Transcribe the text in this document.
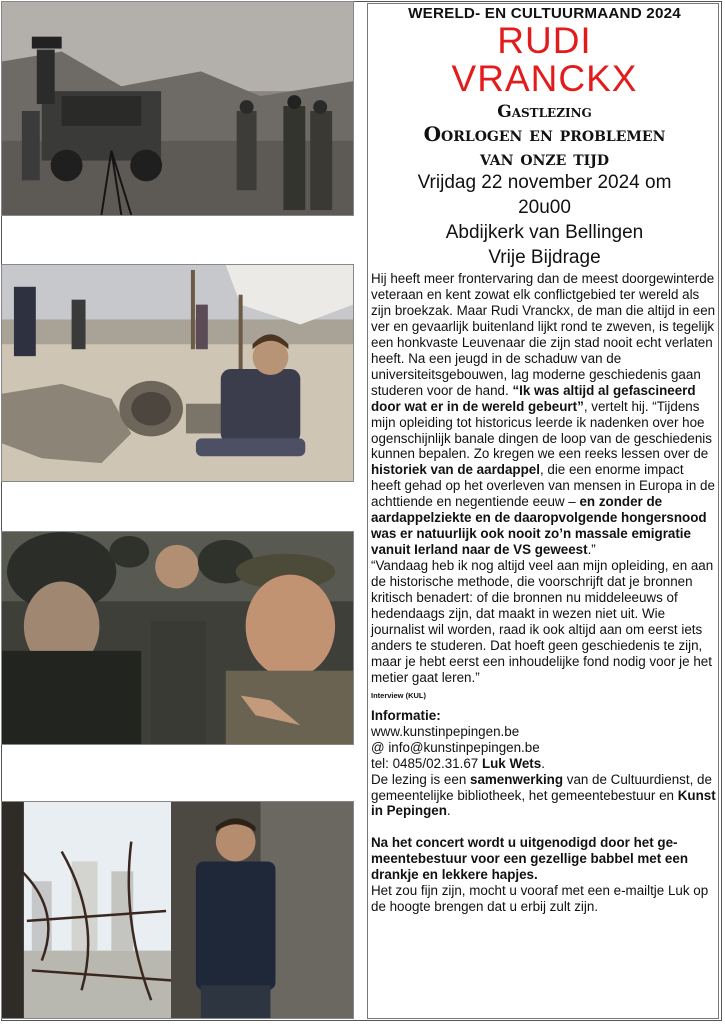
WERELD- EN CULTUURMAAND 2024
RUDI
VRANCKX
Gastlezing
Oorlogen en problemen
van onze tijd
Vrijdag 22 november 2024 om
20u00
Abdijkerk van Bellingen
Vrije Bijdrage

Hij heeft meer frontervaring dan de meest doorgewinterde veteraan en kent zowat elk conflictgebied ter wereld als zijn broekzak. Maar Rudi Vranckx, de man die altijd in een ver en gevaarlijk buitenland lijkt rond te zweven, is tegelijk een honkvaste Leuvenaar die zijn stad nooit echt verlaten heeft. Na een jeugd in de schaduw van de universiteitsgebouwen, lag moderne geschiedenis gaan studeren voor de hand. “Ik was altijd al gefascineerd door wat er in de wereld gebeurt”, vertelt hij. “Tijdens mijn opleiding tot historicus leerde ik nadenken over hoe ogenschijnlijk banale dingen de loop van de geschiedenis kunnen bepalen. Zo kregen we een reeks lessen over de historiek van de aardappel, die een enorme impact heeft gehad op het overleven van mensen in Europa in de achttiende en negentiende eeuw – en zonder de aardappelziekte en de daaropvolgende hongersnood was er natuurlijk ook nooit zo’n massale emigratie vanuit Ierland naar de VS geweest.”

“Vandaag heb ik nog altijd veel aan mijn opleiding, en aan de historische methode, die voorschrijft dat je bronnen kritisch benadert: of die bronnen nu middeleeuws of hedendaags zijn, dat maakt in wezen niet uit. Wie journalist wil worden, raad ik ook altijd aan om eerst iets anders te studeren. Dat hoeft geen geschiedenis te zijn, maar je hebt eerst een inhoudelijke fond nodig voor je het metier gaat leren.”

Interview (KUL)
Informatie:
www.kunstinpepingen.be
@ info@kunstinpepingen.be
tel: 0485/02.31.67 Luk Wets.

De lezing is een samenwerking van de Cultuurdienst, de gemeentelijke bibliotheek, het gemeentebestuur en Kunst in Pepingen.

Na het concert wordt u uitgenodigd door het gemeentebestuur voor een gezellige babbel met een drankje en lekkere hapjes.

Het zou fijn zijn, mocht u vooraf met een e-mailtje Luk op de hoogte brengen dat u erbij zult zijn.
